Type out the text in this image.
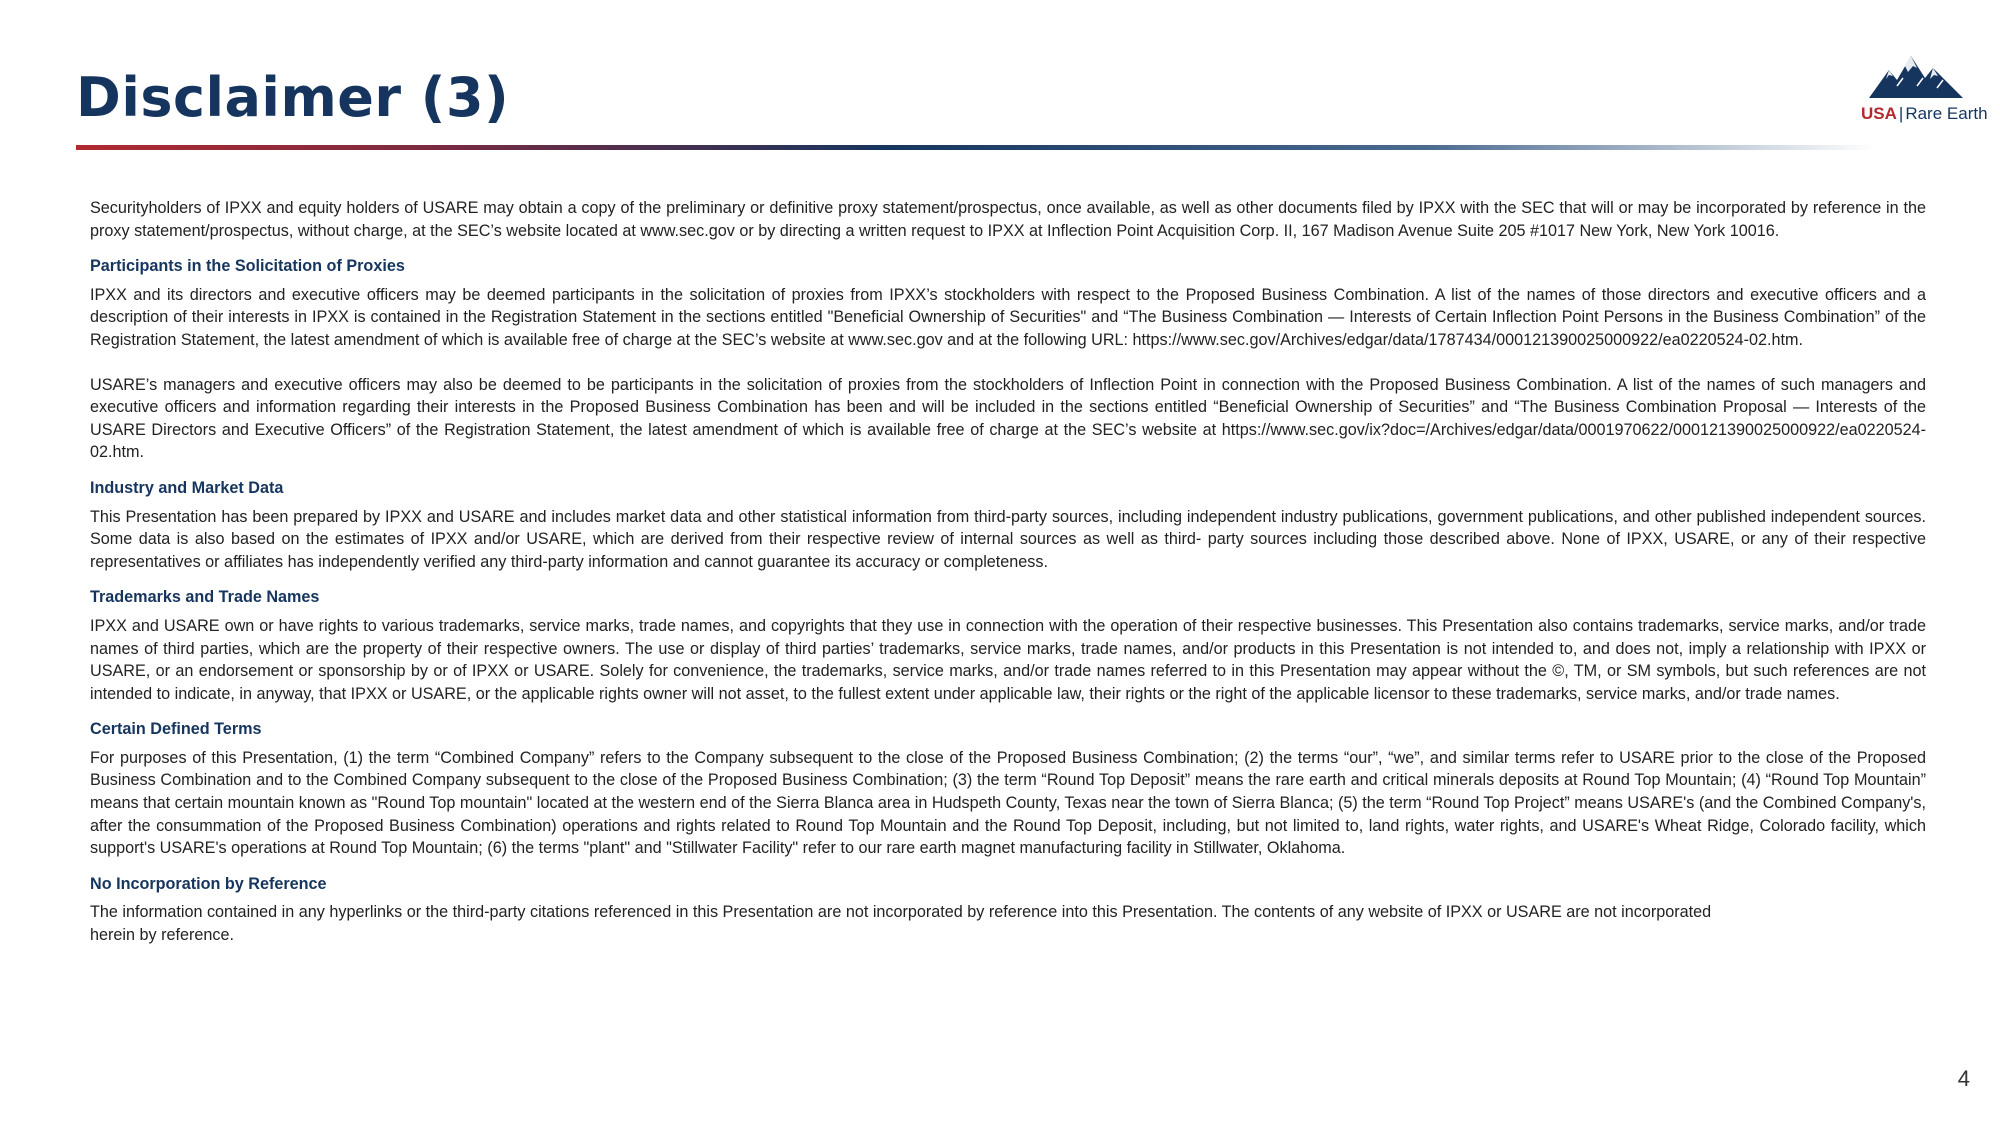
Disclaimer (3)	USA | Rare Earth

Securityholders of IPXX and equity holders of USARE may obtain a copy of the preliminary or definitive proxy statement/prospectus, once available, as well as other documents filed by IPXX with the SEC that will or may be incorporated by reference in the proxy statement/prospectus, without charge, at the SEC’s website located at www.sec.gov or by directing a written request to IPXX at Inflection Point Acquisition Corp. II, 167 Madison Avenue Suite 205 #1017 New York, New York 10016.

Participants in the Solicitation of Proxies

IPXX and its directors and executive officers may be deemed participants in the solicitation of proxies from IPXX’s stockholders with respect to the Proposed Business Combination. A list of the names of those directors and executive officers and a description of their interests in IPXX is contained in the Registration Statement in the sections entitled "Beneficial Ownership of Securities" and “The Business Combination — Interests of Certain Inflection Point Persons in the Business Combination” of the Registration Statement, the latest amendment of which is available free of charge at the SEC’s website at www.sec.gov and at the following URL: https://www.sec.gov/Archives/edgar/data/1787434/000121390025000922/ea0220524-02.htm.

USARE’s managers and executive officers may also be deemed to be participants in the solicitation of proxies from the stockholders of Inflection Point in connection with the Proposed Business Combination. A list of the names of such managers and executive officers and information regarding their interests in the Proposed Business Combination has been and will be included in the sections entitled “Beneficial Ownership of Securities” and “The Business Combination Proposal — Interests of the USARE Directors and Executive Officers” of the Registration Statement, the latest amendment of which is available free of charge at the SEC’s website at https://www.sec.gov/ix?doc=/Archives/edgar/data/0001970622/000121390025000922/ea0220524-02.htm.

Industry and Market Data

This Presentation has been prepared by IPXX and USARE and includes market data and other statistical information from third-party sources, including independent industry publications, government publications, and other published independent sources. Some data is also based on the estimates of IPXX and/or USARE, which are derived from their respective review of internal sources as well as third- party sources including those described above. None of IPXX, USARE, or any of their respective representatives or affiliates has independently verified any third-party information and cannot guarantee its accuracy or completeness.

Trademarks and Trade Names

IPXX and USARE own or have rights to various trademarks, service marks, trade names, and copyrights that they use in connection with the operation of their respective businesses. This Presentation also contains trademarks, service marks, and/or trade names of third parties, which are the property of their respective owners. The use or display of third parties’ trademarks, service marks, trade names, and/or products in this Presentation is not intended to, and does not, imply a relationship with IPXX or USARE, or an endorsement or sponsorship by or of IPXX or USARE. Solely for convenience, the trademarks, service marks, and/or trade names referred to in this Presentation may appear without the ©, TM, or SM symbols, but such references are not intended to indicate, in anyway, that IPXX or USARE, or the applicable rights owner will not asset, to the fullest extent under applicable law, their rights or the right of the applicable licensor to these trademarks, service marks, and/or trade names.

Certain Defined Terms

For purposes of this Presentation, (1) the term “Combined Company” refers to the Company subsequent to the close of the Proposed Business Combination; (2) the terms “our”, “we”, and similar terms refer to USARE prior to the close of the Proposed Business Combination and to the Combined Company subsequent to the close of the Proposed Business Combination; (3) the term “Round Top Deposit” means the rare earth and critical minerals deposits at Round Top Mountain; (4) “Round Top Mountain” means that certain mountain known as "Round Top mountain" located at the western end of the Sierra Blanca area in Hudspeth County, Texas near the town of Sierra Blanca; (5) the term “Round Top Project” means USARE's (and the Combined Company's, after the consummation of the Proposed Business Combination) operations and rights related to Round Top Mountain and the Round Top Deposit, including, but not limited to, land rights, water rights, and USARE's Wheat Ridge, Colorado facility, which support's USARE's operations at Round Top Mountain; (6) the terms "plant" and "Stillwater Facility" refer to our rare earth magnet manufacturing facility in Stillwater, Oklahoma.

No Incorporation by Reference

The information contained in any hyperlinks or the third-party citations referenced in this Presentation are not incorporated by reference into this Presentation. The contents of any website of IPXX or USARE are not incorporated herein by reference.

4
